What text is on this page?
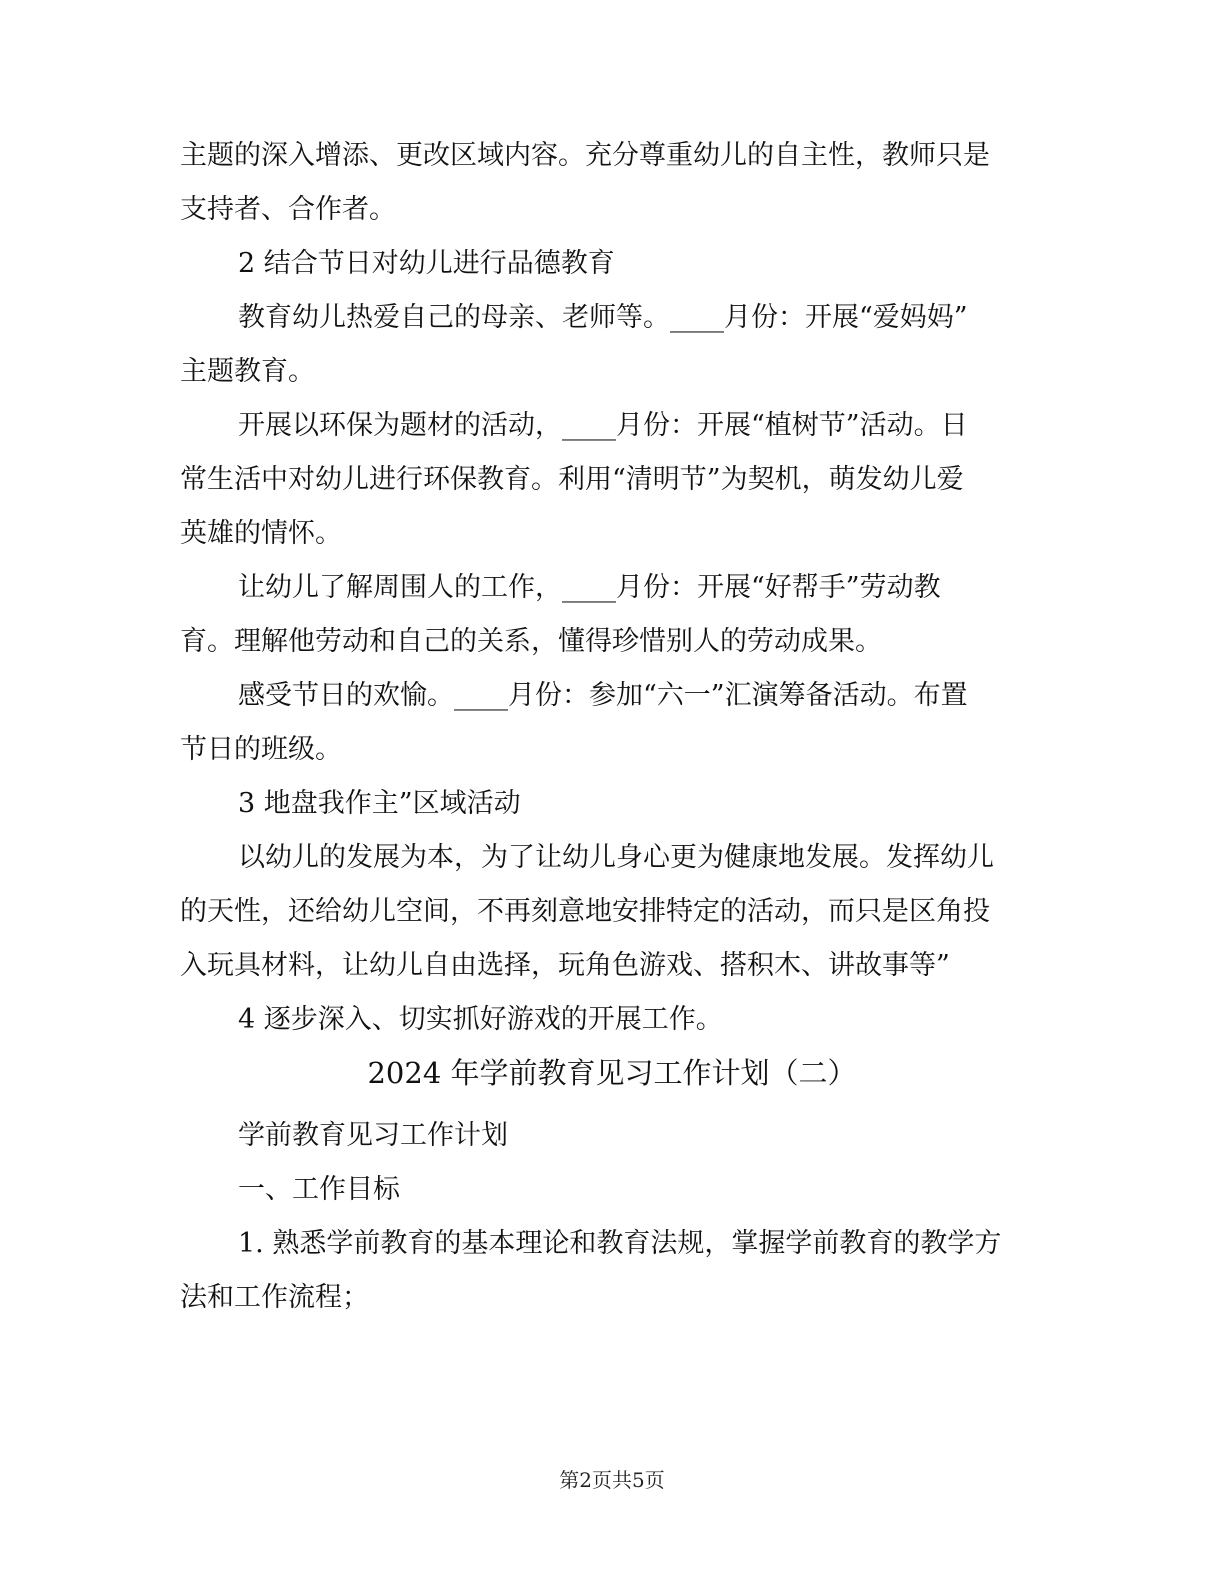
主题的深入增添、更改区域内容。充分尊重幼儿的自主性，教师只是
支持者、合作者。
2 结合节日对幼儿进行品德教育
教育幼儿热爱自己的母亲、老师等。____月份：开展“爱妈妈”
主题教育。
开展以环保为题材的活动，____月份：开展“植树节”活动。日
常生活中对幼儿进行环保教育。利用“清明节”为契机，萌发幼儿爱
英雄的情怀。
让幼儿了解周围人的工作，____月份：开展“好帮手”劳动教
育。理解他劳动和自己的关系，懂得珍惜别人的劳动成果。
感受节日的欢愉。____月份：参加“六一”汇演筹备活动。布置
节日的班级。
3 地盘我作主”区域活动
以幼儿的发展为本，为了让幼儿身心更为健康地发展。发挥幼儿
的天性，还给幼儿空间，不再刻意地安排特定的活动，而只是区角投
入玩具材料，让幼儿自由选择，玩角色游戏、搭积木、讲故事等”
4 逐步深入、切实抓好游戏的开展工作。
2024 年学前教育见习工作计划（二）
学前教育见习工作计划
一、工作目标
1. 熟悉学前教育的基本理论和教育法规，掌握学前教育的教学方
法和工作流程；
第2页共5页
